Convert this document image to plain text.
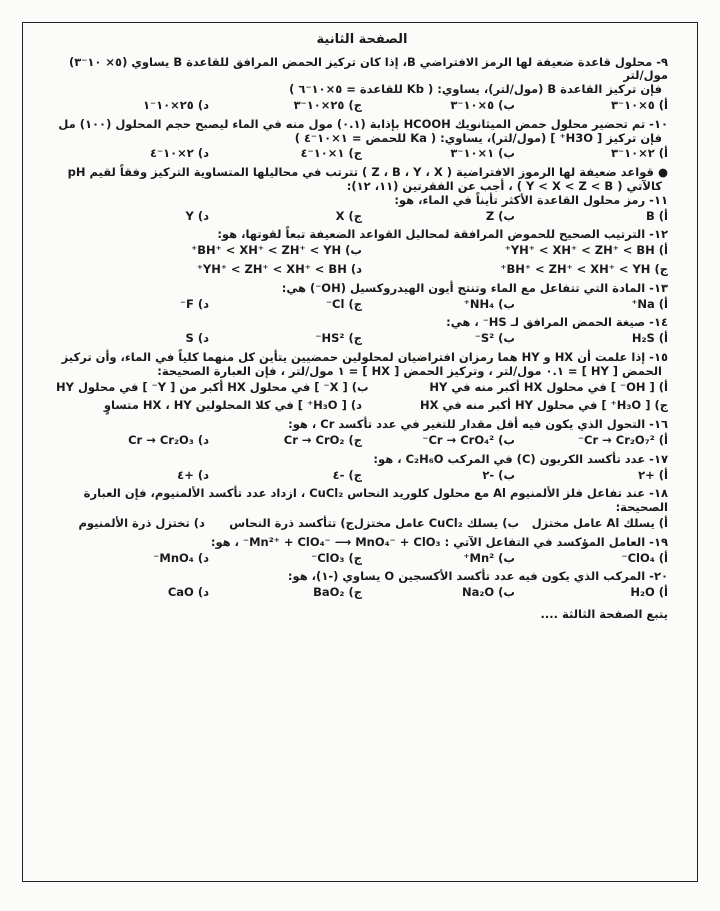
الصفحة الثانية

٩- محلول قاعدة ضعيفة لها الرمز الافتراضي B، إذا كان تركيز الحمض المرافق للقاعدة B يساوي (٥× ١٠⁻٣) مول/لتر

فإن تركيز القاعدة B (مول/لتر)، يساوي: ( Kb للقاعدة = ٥×١٠⁻٦ )

أ) ٥×١٠⁻٣
ب) ٥×١٠⁻٣
ج) ٢٥×١٠⁻٣
د) ٢٥×١٠⁻١

١٠- تم تحضير محلول حمض الميثانويك HCOOH بإذابة (٠.١) مول منه في الماء ليصبح حجم المحلول (١٠٠) مل

فإن تركيز [ H3O⁺ ] (مول/لتر)، يساوي: ( Ka للحمض = ١×١٠⁻٤ )

أ) ٢×١٠⁻٣
ب) ١×١٠⁻٣
ج) ١×١٠⁻٤
د) ٢×١٠⁻٤

● قواعد ضعيفة لها الرموز الافتراضية ( Z ، B ، Y ، X ) تترتب في محاليلها المتساوية التركيز وفقاً لقيم pH

كالآتي ( Y < X < Z < B ) ، أجب عن الفقرتين (١١، ١٢):

١١- رمز محلول القاعدة الأكثر تأيناً في الماء، هو:

أ) B
ب) Z
ج) X
د) Y

١٢- الترتيب الصحيح للحموض المرافقة لمحاليل القواعد الضعيفة تبعاً لقوتها، هو:

أ) YH⁺ < XH⁺ < ZH⁺ < BH⁺
ب) BH⁺ < XH⁺ < ZH⁺ < YH⁺
ج) BH⁺ < ZH⁺ < XH⁺ < YH⁺
د) YH⁺ < ZH⁺ < XH⁺ < BH⁺

١٣- المادة التي تتفاعل مع الماء وتنتج أيون الهيدروكسيل (OH⁻) هي:

أ) Na⁺
ب) NH₄⁺
ج) Cl⁻
د) F⁻

١٤- صيغة الحمض المرافق لـ HS⁻ ، هي:

أ) H₂S
ب) S²⁻
ج) HS²⁻
د) S

١٥- إذا علمت أن HX و HY هما رمزان افتراضيان لمحلولين حمضيين يتأين كل منهما كلياً في الماء، وأن تركيز

الحمض [ HY ] = ٠.١ مول/لتر ، وتركيز الحمض [ HX ] = ١ مول/لتر ، فإن العبارة الصحيحة:

أ) [ OH⁻ ] في محلول HX أكبر منه في HY
ب) [ X⁻ ] في محلول HX أكبر من [ Y⁻ ] في محلول HY
ج) [ H₃O⁺ ] في محلول HY أكبر منه في HX
د) [ H₃O⁺ ] في كلا المحلولين HX ، HY متساوٍ

١٦- التحول الذي يكون فيه أقل مقدار للتغير في عدد تأكسد Cr ، هو:

أ) Cr → Cr₂O₇²⁻
ب) Cr → CrO₄²⁻
ج) Cr → CrO₂
د) Cr → Cr₂O₃

١٧- عدد تأكسد الكربون (C) في المركب C₂H₆O ، هو:

أ) +٢
ب) -٢
ج) -٤
د) +٤

١٨- عند تفاعل فلز الألمنيوم Al مع محلول كلوريد النحاس CuCl₂ ، ازداد عدد تأكسد الألمنيوم، فإن العبارة الصحيحة:

أ) يسلك Al عامل مختزل
ب) يسلك CuCl₂ عامل مختزل
ج) تتأكسد ذرة النحاس
د) تختزل ذرة الألمنيوم

١٩- العامل المؤكسد في التفاعل الآتي : Mn²⁺ + ClO₄⁻ ⟶ MnO₄⁻ + ClO₃⁻ ، هو:

أ) ClO₄⁻
ب) Mn²⁺
ج) ClO₃⁻
د) MnO₄⁻

٢٠- المركب الذي يكون فيه عدد تأكسد الأكسجين O يساوي (-١)، هو:

أ) H₂O
ب) Na₂O
ج) BaO₂
د) CaO
يتبع الصفحة الثالثة ....
